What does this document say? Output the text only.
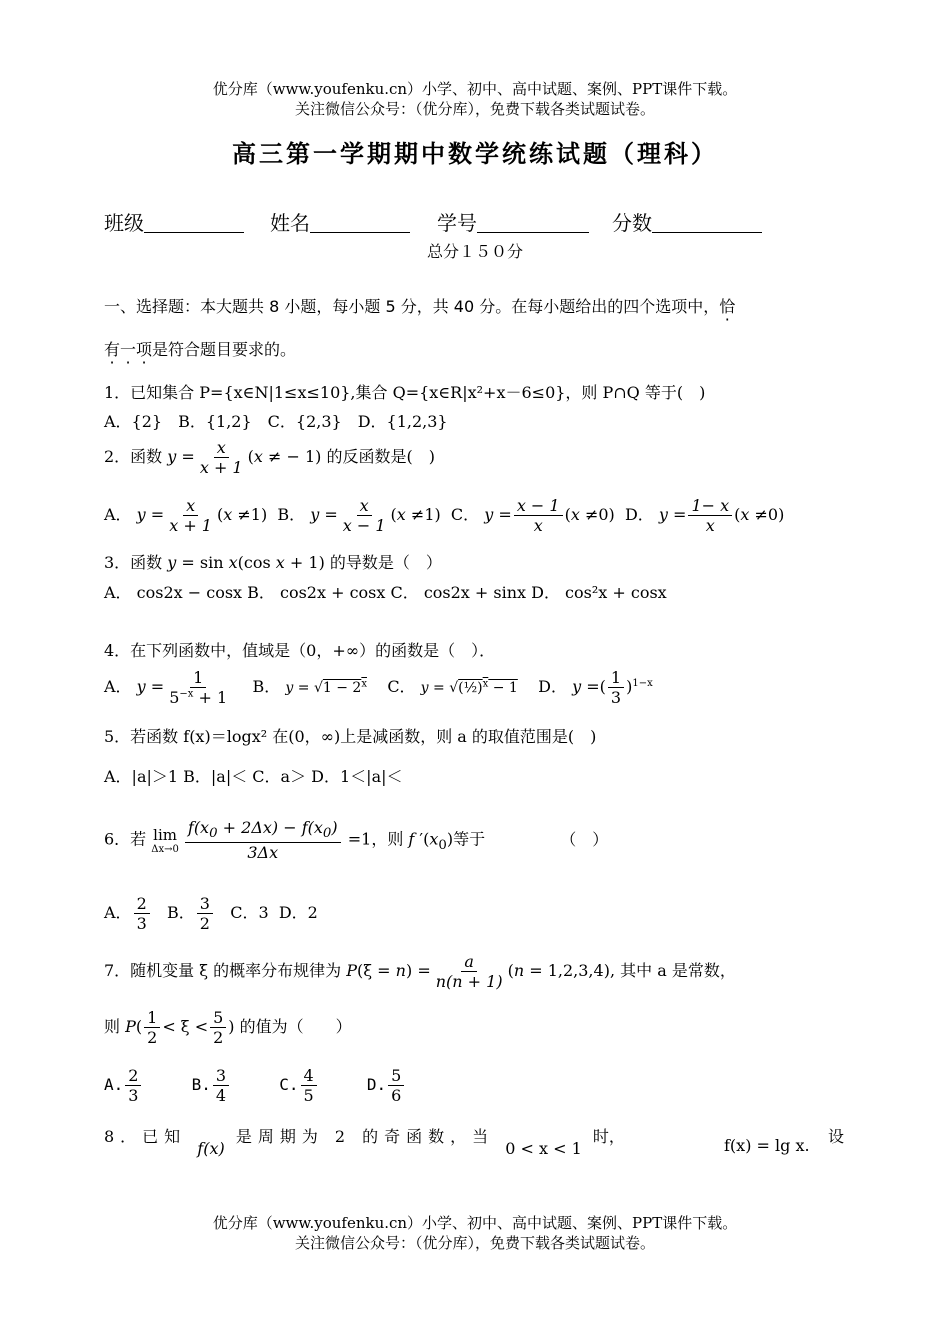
优分库（www.youfenku.cn）小学、初中、高中试题、案例、PPT课件下载。
关注微信公众号：（优分库），免费下载各类试题试卷。
高三第一学期期中数学统练试题（理科）
班级	姓名	学号	分数
总分１５０分
一、选择题：本大题共 8 小题，每小题 5 分，共 40 分。在每小题给出的四个选项中，恰
有一项是符合题目要求的。
1．已知集合 P={x∈N|1≤x≤10},集合 Q={x∈R|x²+x－6≤0}，则 P∩Q 等于(　)
A．{2}　B．{1,2}　C．{2,3}　D．{1,2,3}
2．函数 $y = \frac{x}{x + 1} (x$ ≠ − 1) 的反函数是(　)
A． $y = \frac{x}{x + 1} (x \ne 1)$  B． $y = \frac{x}{x - 1} (x \ne 1)$  C． $y = \frac{x - 1}{x} (x \ne 0)$  D． $y = \frac{1- x}{x} (x \ne 0)$
3．函数 y = sin x(cos x + 1) 的导数是（　）
A． cos2x − cosx B． cos2x + cosx C． cos2x + sinx D． cos²x + cosx
4．在下列函数中，值域是（0，+∞）的函数是（　）．
A． $y = \frac{1}{5^{-x} + 1}$ B． $y = √1 - 2^x$ C． y = √(½)$^x$ − 1 D． y =( $\frac{1}{3} )^{1-x}$
5．若函数 f(x)＝logx² 在(0，∞)上是减函数，则 a 的取值范围是(　)
A．|a|＞1 B．|a|＜ C．a＞ D．1＜|a|＜
6．若 lim
$\Delta x\to 0 \frac{f(x_0 + 2\Delta x) - f(x_0)}{3\Delta x} =1$，则 f $'(x_0)$等于	（　）
A． $\frac{2}{3}$ B． $\frac{3}{2}$ C．3 D．2
7．随机变量 ξ 的概率分布规律为 $P(\xi = n) = \frac{a}{n(n + 1)} (n = 1,2,3,4)$, 其中 a 是常数，
则 $P( \frac{1}{2} < \xi < \frac{5}{2}$ ) 的值为（　　）
A. $\frac{2}{3}$	B. $\frac{3}{4}$	C. $\frac{4}{5}$	D. $\frac{5}{6}$
8．已知 f(x) 是周期为 2 的奇函数，当 0 < x < 1 时，	f(x) = lg x. 设
优分库（www.youfenku.cn）小学、初中、高中试题、案例、PPT课件下载。
关注微信公众号：（优分库），免费下载各类试题试卷。
